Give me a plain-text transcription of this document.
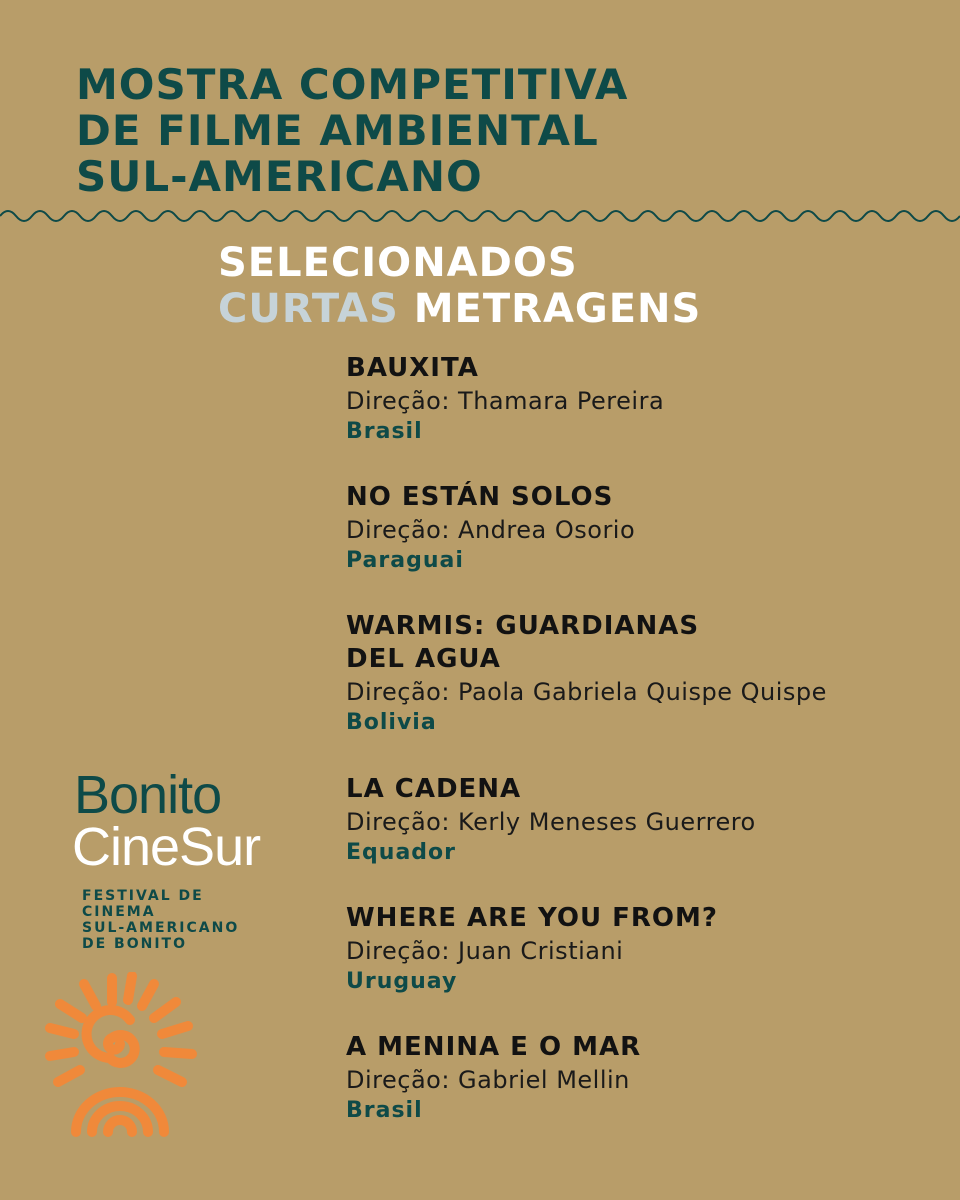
MOSTRA COMPETITIVA
DE FILME AMBIENTAL
SUL-AMERICANO
SELECIONADOS
CURTAS METRAGENS
BAUXITA
Direção: Thamara Pereira
Brasil
NO ESTÁN SOLOS
Direção: Andrea Osorio
Paraguai
WARMIS: GUARDIANAS
DEL AGUA
Direção: Paola Gabriela Quispe Quispe
Bolivia
LA CADENA
Direção: Kerly Meneses Guerrero
Equador
WHERE ARE YOU FROM?
Direção: Juan Cristiani
Uruguay
A MENINA E O MAR
Direção: Gabriel Mellin
Brasil
Bonito
CineSur
FESTIVAL DE
CINEMA
SUL-AMERICANO
DE BONITO
